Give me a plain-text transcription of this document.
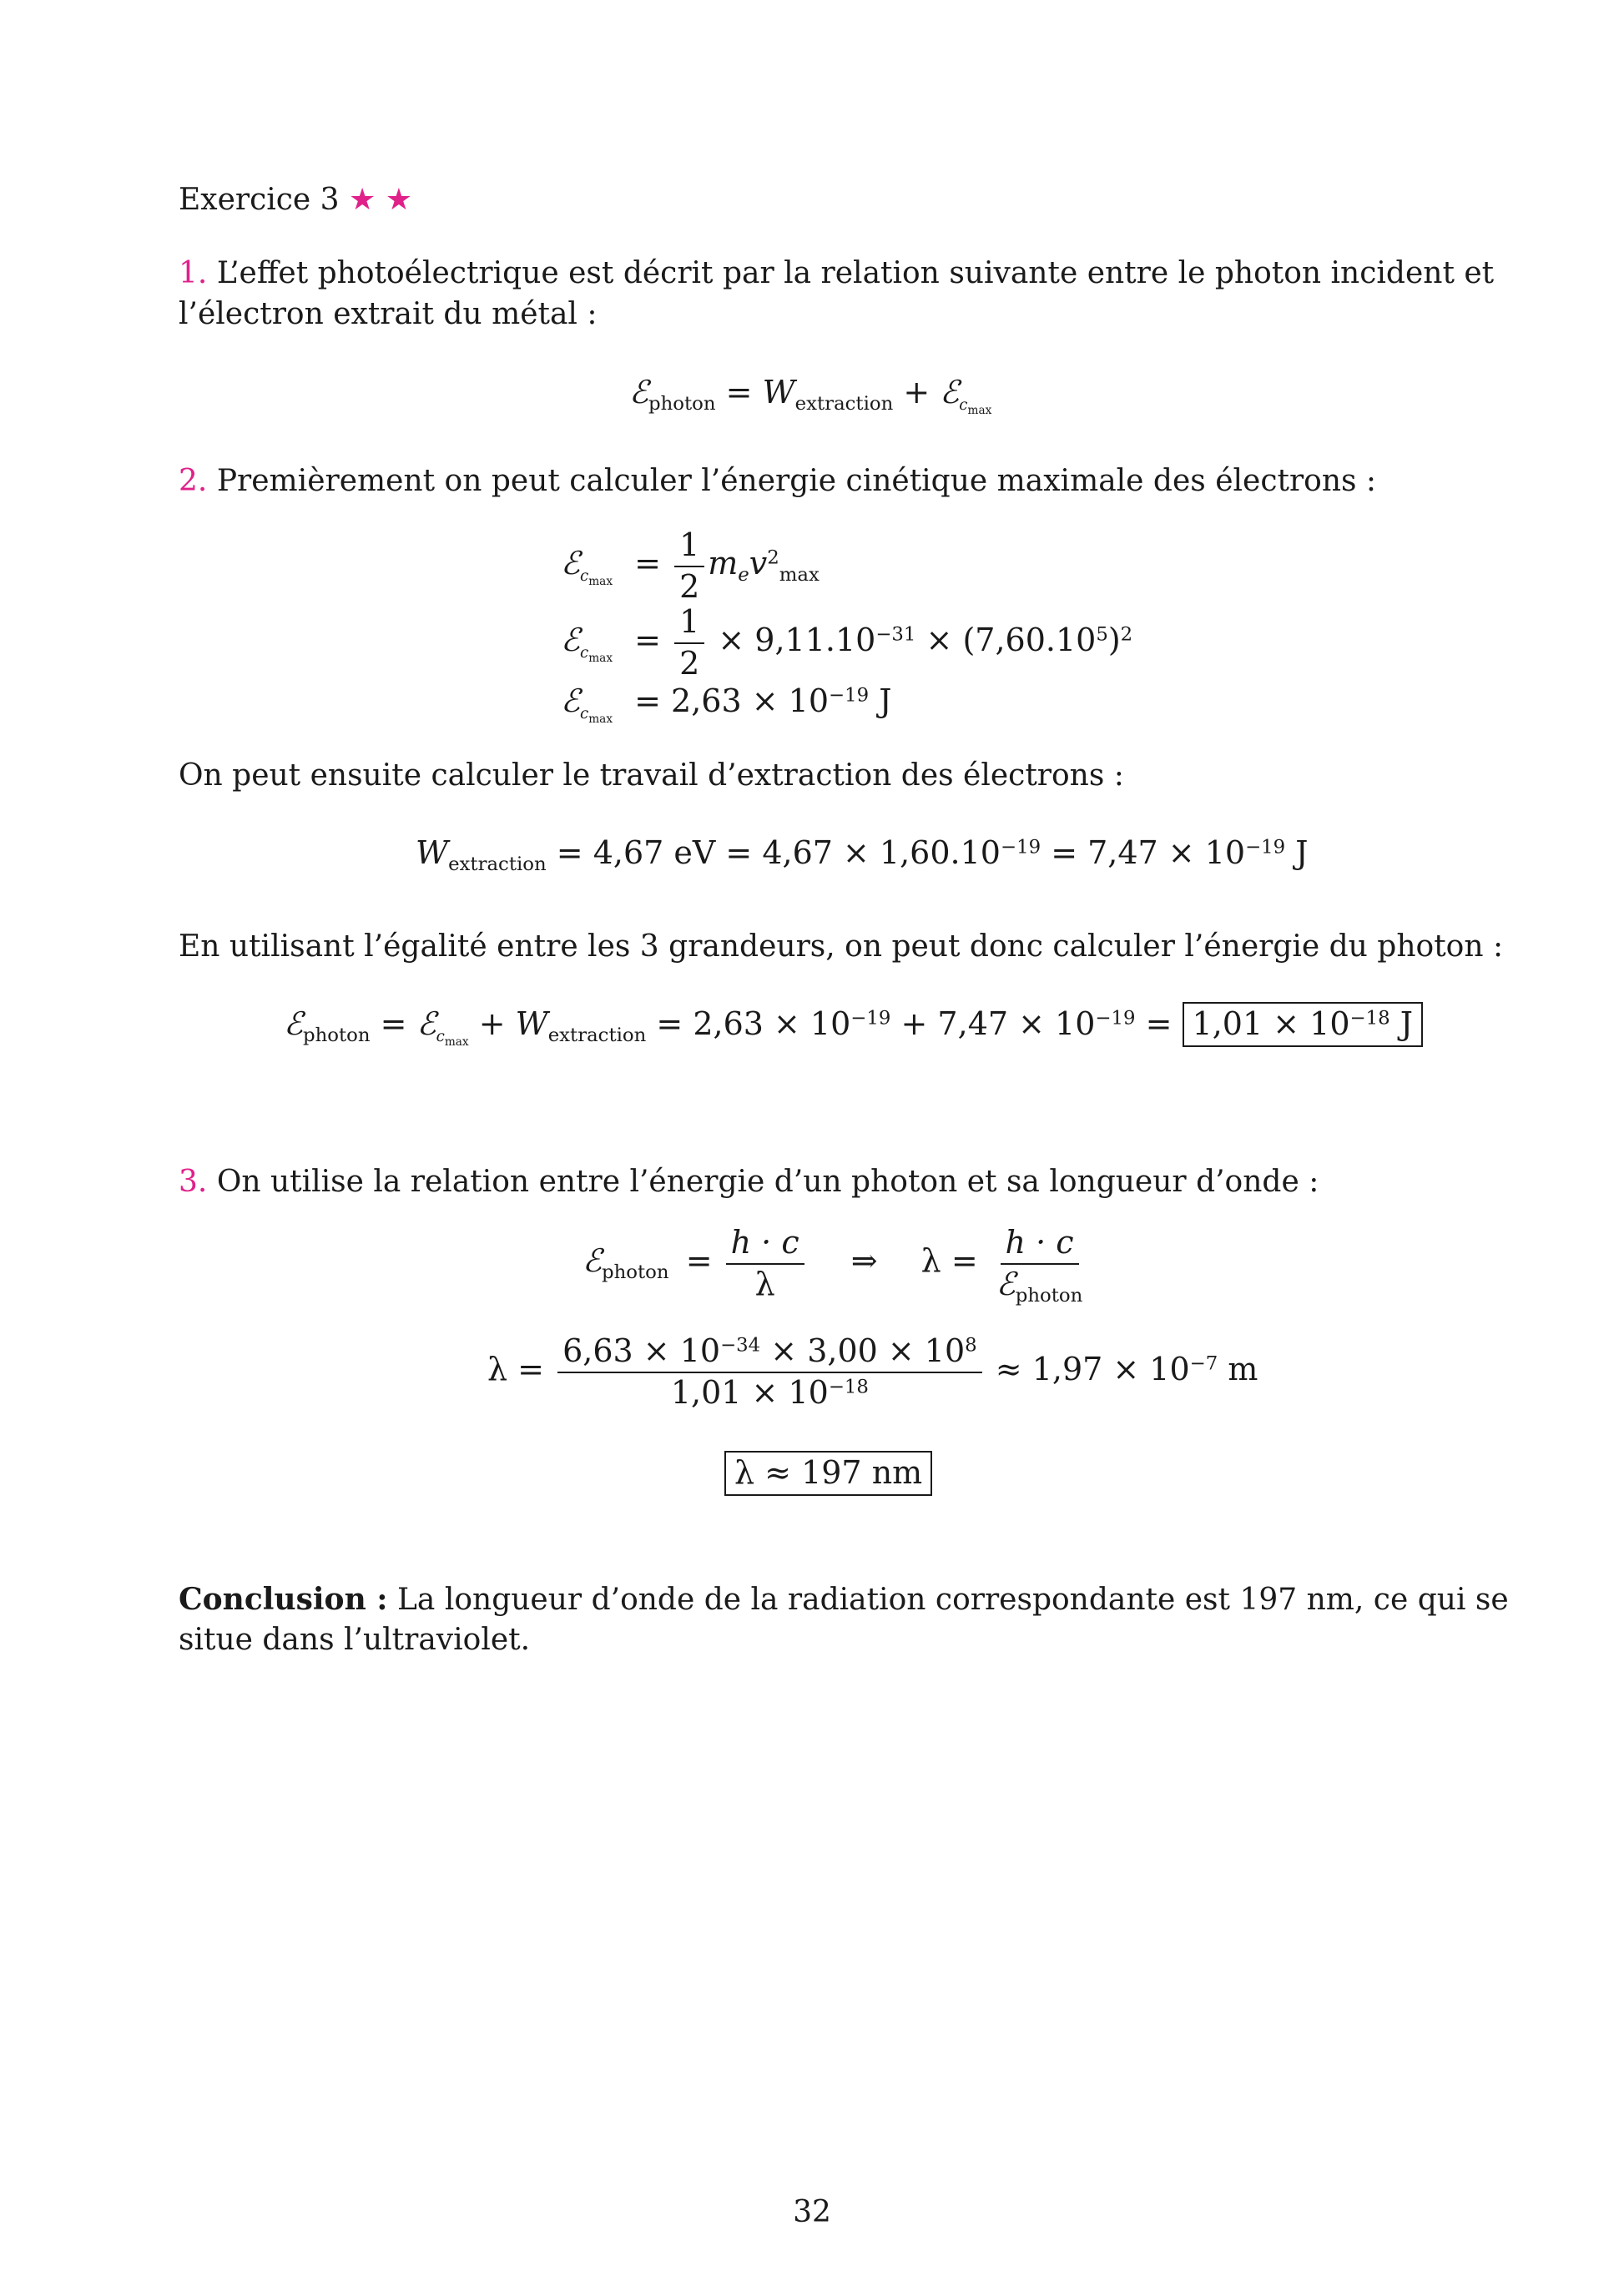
Exercice 3 ★ ★
1. L’effet photoélectrique est décrit par la relation suivante entre le photon incident et
l’électron extrait du métal :
ℰ$_{photon}$ = $W_{extraction}$ + ℰ$_{c_{max}}$
2. Premièrement on peut calculer l’énergie cinétique maximale des électrons :
ℰ$_{c_{max}}$ = $\frac{1}{2} m_ev^2_{max}$
ℰ$_{c_{max}}$ = $\frac{1}{2} \times 9,11.10^{-31} \times (7,60.10^5)^2$
ℰ$_{c_{max}}$ = $2,63 \times 10^{-19}$ J
On peut ensuite calculer le travail d’extraction des électrons :
$W_{extraction} = 4,67$ eV = $4,67 \times 1,60.10^{-19} = 7,47 \times 10^{-19}$ J
En utilisant l’égalité entre les 3 grandeurs, on peut donc calculer l’énergie du photon :
ℰ$_{photon}$ = ℰ$_{c_{max}}$ + $W_{extraction} = 2,63 \times 10^{-19} + 7,47 \times 10^{-19} = 1,01 \times 10^{-18}$ J
3. On utilise la relation entre l’énergie d’un photon et sa longueur d’onde :
ℰ$_{photon}$ = $\frac{h \cdot c}{\lambda}$ ⇒ $\lambda = \frac{h \cdot c}{ℰ_{photon}}$
$\lambda = \frac{6,63 \times 10^{-34} \times 3,00 \times 10^8}{1,01 \times 10^{-18}} \approx 1,97 \times 10^{-7}$ m
λ ≈ 197 nm
Conclusion : La longueur d’onde de la radiation correspondante est 197 nm, ce qui se
situe dans l’ultraviolet.
32
